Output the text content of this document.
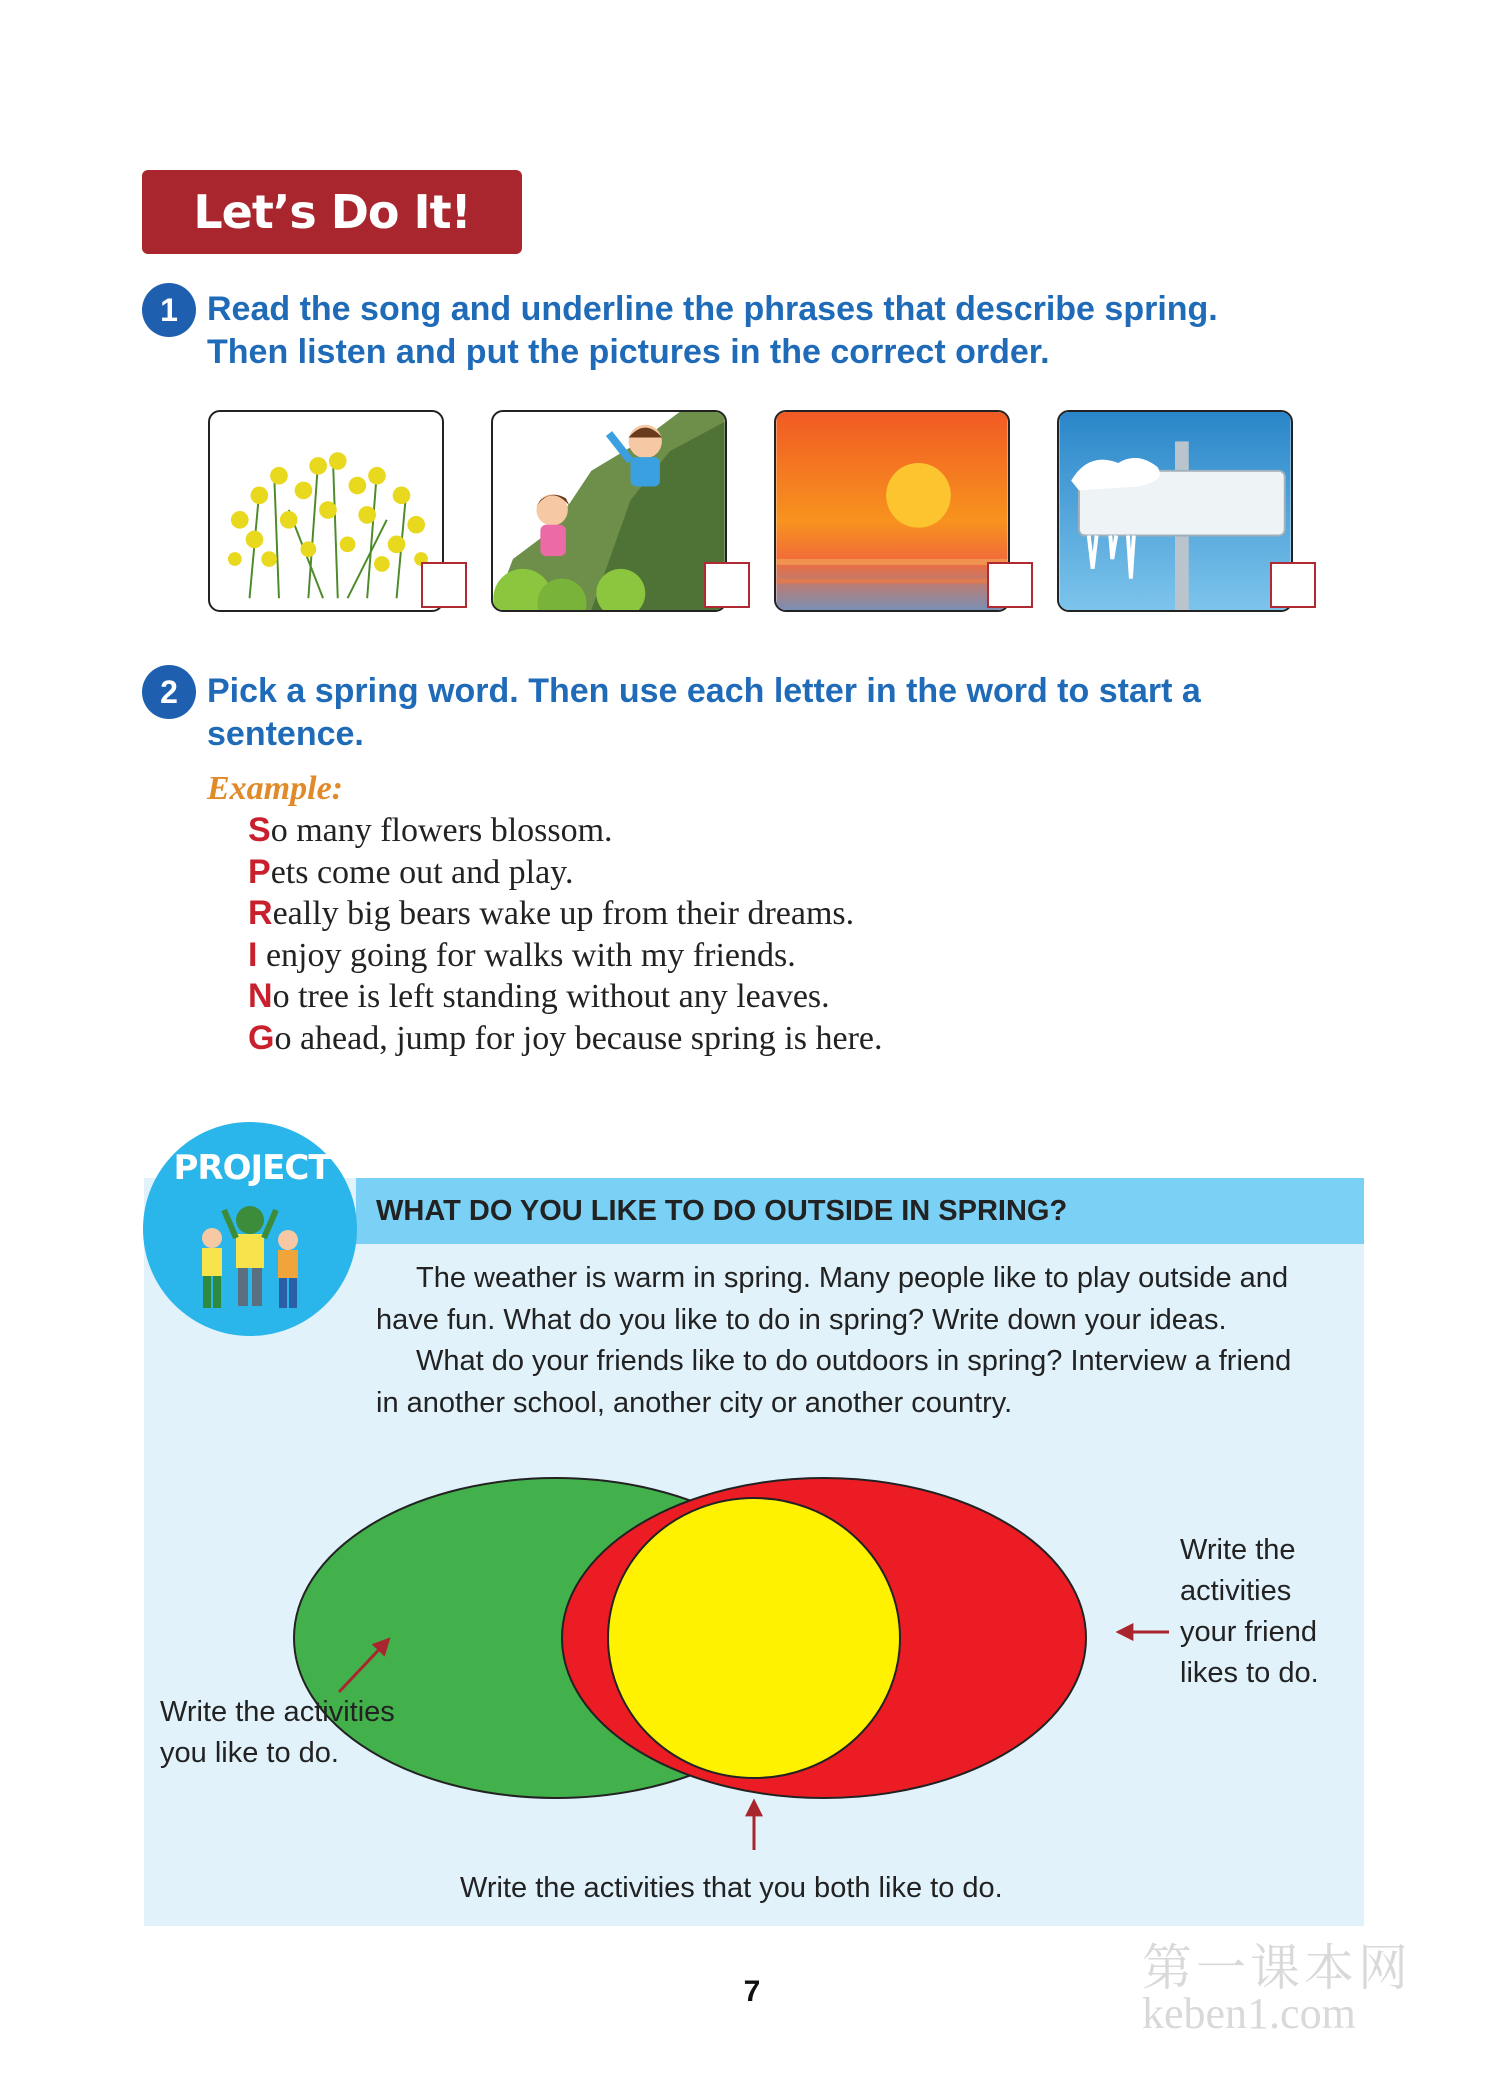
Let’s Do It!
1 Read the song and underline the phrases that describe spring.
Then listen and put the pictures in the correct order.
2 Pick a spring word. Then use each letter in the word to start a
sentence.
Example:
So many flowers blossom.
Pets come out and play.
Really big bears wake up from their dreams.
I enjoy going for walks with my friends.
No tree is left standing without any leaves.
Go ahead, jump for joy because spring is here.
WHAT DO YOU LIKE TO DO OUTSIDE IN SPRING?
PROJECT
The weather is warm in spring. Many people like to play outside and
have fun. What do you like to do in spring? Write down your ideas.
What do your friends like to do outdoors in spring? Interview a friend
in another school, another city or another country.
Write the activities
you like to do.
Write the
activities
your friend
likes to do.
Write the activities that you both like to do.
7	第一课本网
keben1.com
